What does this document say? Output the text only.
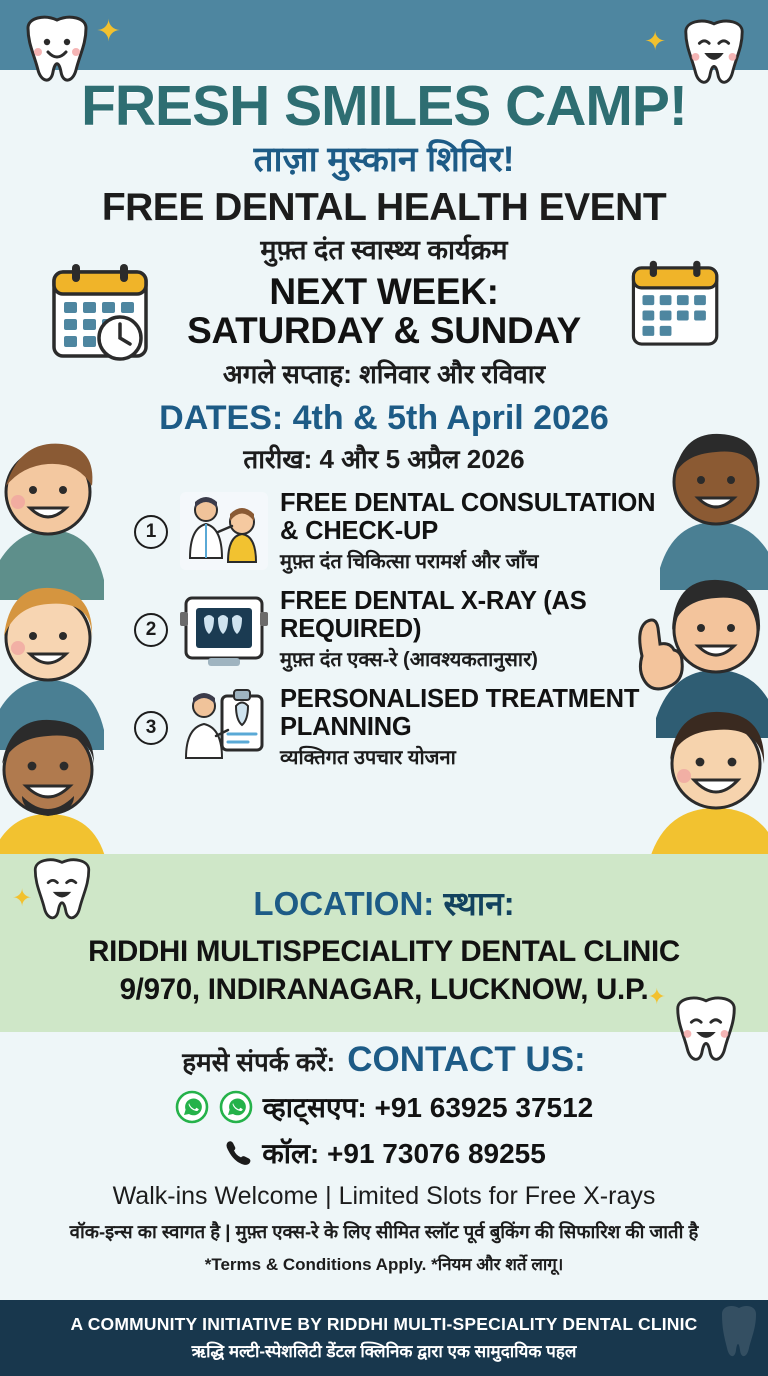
✦	✦
FRESH SMILES CAMP!
ताज़ा मुस्कान शिविर!
FREE DENTAL HEALTH EVENT
मुफ़्त दंत स्वास्थ्य कार्यक्रम
NEXT WEEK:
SATURDAY & SUNDAY
अगले सप्ताह: शनिवार और रविवार
DATES: 4th & 5th April 2026
तारीख: 4 और 5 अप्रैल 2026
1
FREE DENTAL CONSULTATION & CHECK-UP
मुफ़्त दंत चिकित्सा परामर्श और जाँच
2
FREE DENTAL X-RAY (AS REQUIRED)
मुफ़्त दंत एक्स-रे (आवश्यकतानुसार)
3
PERSONALISED TREATMENT PLANNING
व्यक्तिगत उपचार योजना
LOCATION: स्थान:
RIDDHI MULTISPECIALITY DENTAL CLINIC
9/970, INDIRANAGAR, LUCKNOW, U.P.
✦
✦
हमसे संपर्क करें: CONTACT US:
व्हाट्सएप: +91 63925 37512
कॉल: +91 73076 89255
Walk-ins Welcome | Limited Slots for Free X-rays
वॉक-इन्स का स्वागत है | मुफ़्त एक्स-रे के लिए सीमित स्लॉट पूर्व बुकिंग की सिफारिश की जाती है
*Terms & Conditions Apply. *नियम और शर्ते लागू।
A COMMUNITY INITIATIVE BY RIDDHI MULTI-SPECIALITY DENTAL CLINIC
ऋद्धि मल्टी-स्पेशलिटी डेंटल क्लिनिक द्वारा एक सामुदायिक पहल
